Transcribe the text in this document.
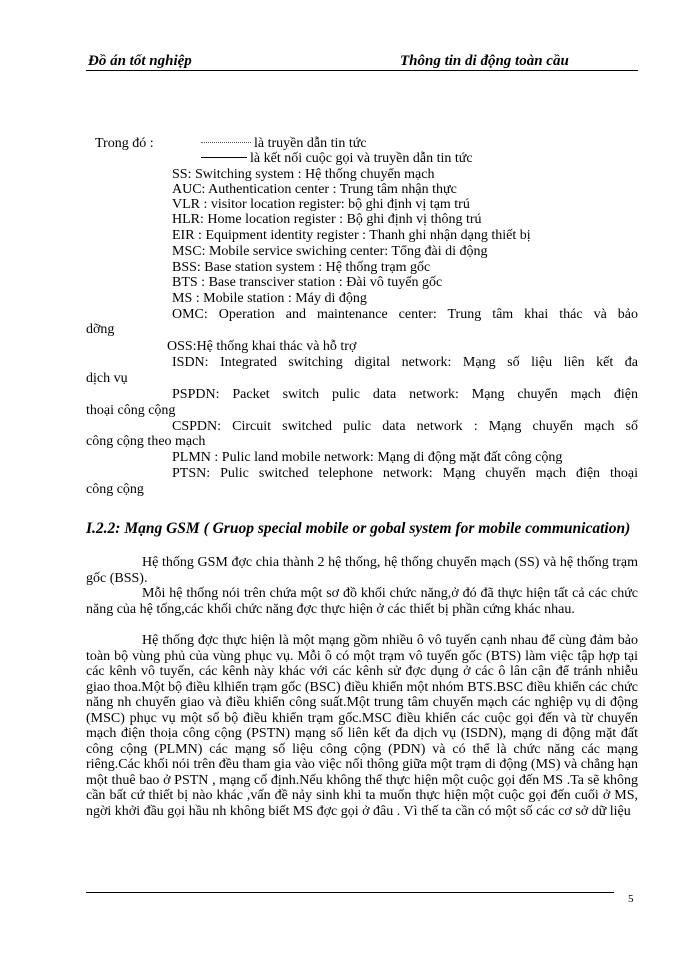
Đồ án tốt nghiệp	Thông tin di động toàn cầu
Trong đó :	là truyền dẫn tin tức
là kết nối cuộc gọi và truyền dẫn tin tức
SS: Switching system : Hệ thống chuyển mạch
AUC: Authentication center : Trung tâm nhận thực
VLR : visitor location register: bộ ghi định vị tạm trú
HLR: Home location register : Bộ ghi định vị thông trú
EIR : Equipment identity register : Thanh ghi nhận dạng thiết bị
MSC: Mobile service swiching center: Tổng đài di động
BSS: Base station system : Hệ thống trạm gốc
BTS : Base transciver station : Đài vô tuyến gốc
MS : Mobile station : Máy di động
OMC: Operation and maintenance center: Trung tâm khai thác và bảo
dỡng
OSS:Hệ thống khai thác và hỗ trợ
ISDN: Integrated switching digital network: Mạng số liệu liên kết đa
dịch vụ
PSPDN: Packet switch pulic data network: Mạng chuyển mạch điện
thoại công cộng
CSPDN: Circuit switched pulic data network : Mạng chuyển mạch số
công cộng theo mạch
PLMN : Pulic land mobile network: Mạng di động mặt đất công cộng
PTSN: Pulic switched telephone network: Mạng chuyển mạch điện thoại
công cộng
I.2.2: Mạng GSM ( Gruop special mobile or gobal system for mobile communication)
Hệ thống GSM đợc chia thành 2 hệ thống, hệ thống chuyển mạch (SS) và hệ thống trạm gốc (BSS).
Mỗi hệ thống nói trên chứa một sơ đồ khối chức năng,ở đó đã thực hiện tất cả các chức năng của hệ tống,các khối chức năng đợc thực hiện ở các thiết bị phần cứng khác nhau.
Hệ thống đợc thực hiện là một mạng gồm nhiều ô vô tuyến cạnh nhau để cùng đảm bảo toàn bộ vùng phủ của vùng phục vụ. Mỗi ô có một trạm vô tuyến gốc (BTS) làm việc tập hợp tại các kênh vô tuyến, các kênh này khác với các kênh sử đợc dụng ở các ô lân cận để tránh nhiễu giao thoa.Một bộ điều klhiển trạm gốc (BSC) điều khiển một nhóm BTS.BSC điều khiển các chức năng nh chuyển giao và điều khiển công suất.Một trung tâm chuyển mạch các nghiệp vụ di động (MSC) phục vụ một số bộ điều khiển trạm gốc.MSC điều khiển các cuộc gọi đến và từ chuyển mạch điện thoịa công cộng (PSTN) mạng số liên kết đa dịch vụ (ISDN), mạng di động mặt đất công cộng (PLMN) các mạng số liệu công cộng (PDN) và có thể là chức năng các mạng riêng.Các khối nói trên đều tham gia vào việc nối thông giữa một trạm di động (MS) và chẳng hạn một thuê bao ở PSTN , mạng cố định.Nếu không thể thực hiện một cuộc gọi đến MS .Ta sẽ không cần bất cứ thiết bị nào khác ,vấn đề nảy sinh khi ta muốn thực hiện một cuộc gọi đến cuối ở MS, ngời khởi đầu gọi hầu nh không biết MS đợc gọi ở đâu . Vì thế ta cần có một số các cơ sở dữ liệu
5
